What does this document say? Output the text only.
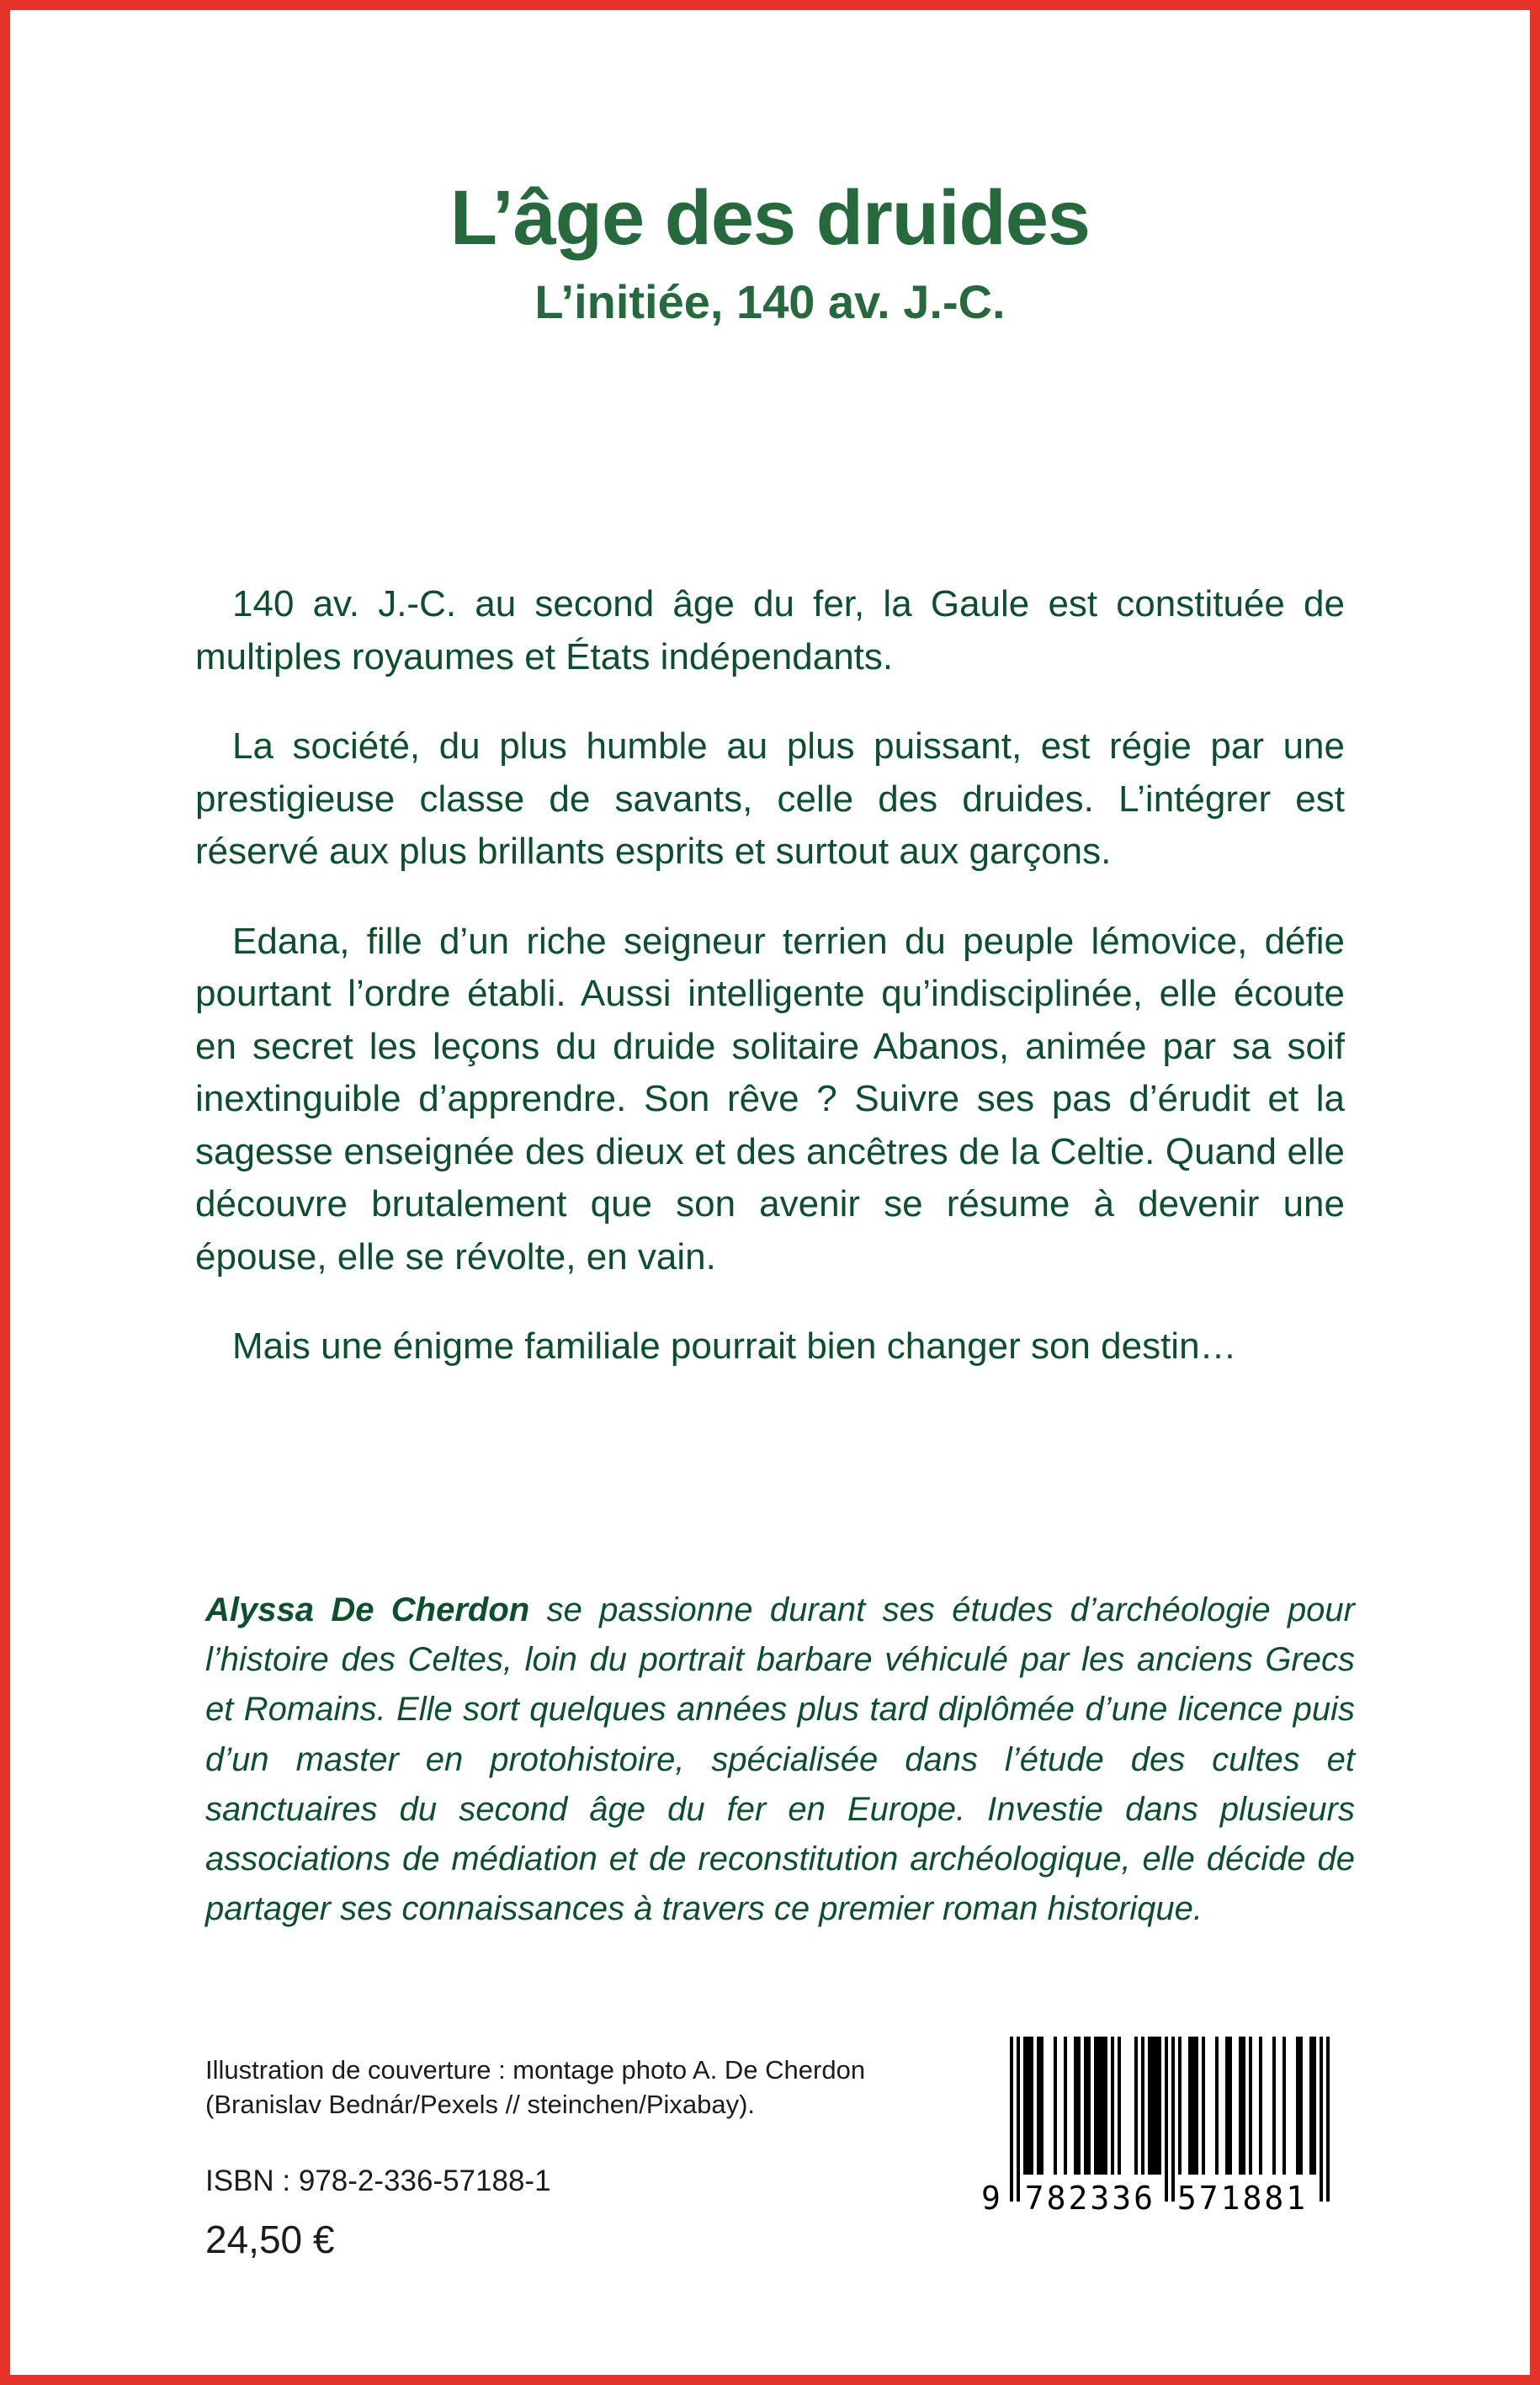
L’âge des druides
L’initiée, 140 av. J.-C.

140 av. J.-C. au second âge du fer, la Gaule est constituée de multiples royaumes et États indépendants.

La société, du plus humble au plus puissant, est régie par une prestigieuse classe de savants, celle des druides. L’intégrer est réservé aux plus brillants esprits et surtout aux garçons.

Edana, fille d’un riche seigneur terrien du peuple lémovice, défie pourtant l’ordre établi. Aussi intelligente qu’indisciplinée, elle écoute en secret les leçons du druide solitaire Abanos, animée par sa soif inextinguible d’apprendre. Son rêve ? Suivre ses pas d’érudit et la sagesse enseignée des dieux et des ancêtres de la Celtie. Quand elle découvre brutalement que son avenir se résume à devenir une épouse, elle se révolte, en vain.

Mais une énigme familiale pourrait bien changer son destin…

Alyssa De Cherdon se passionne durant ses études d’archéologie pour l’histoire des Celtes, loin du portrait barbare véhiculé par les anciens Grecs et Romains. Elle sort quelques années plus tard diplômée d’une licence puis d’un master en protohistoire, spécialisée dans l’étude des cultes et sanctuaires du second âge du fer en Europe. Investie dans plusieurs associations de médiation et de reconstitution archéologique, elle décide de partager ses connaissances à travers ce premier roman historique.

Illustration de couverture : montage photo A. De Cherdon
(Branislav Bednár/Pexels // steinchen/Pixabay).
ISBN : 978-2-336-57188-1
24,50 €
9 782336 571881
